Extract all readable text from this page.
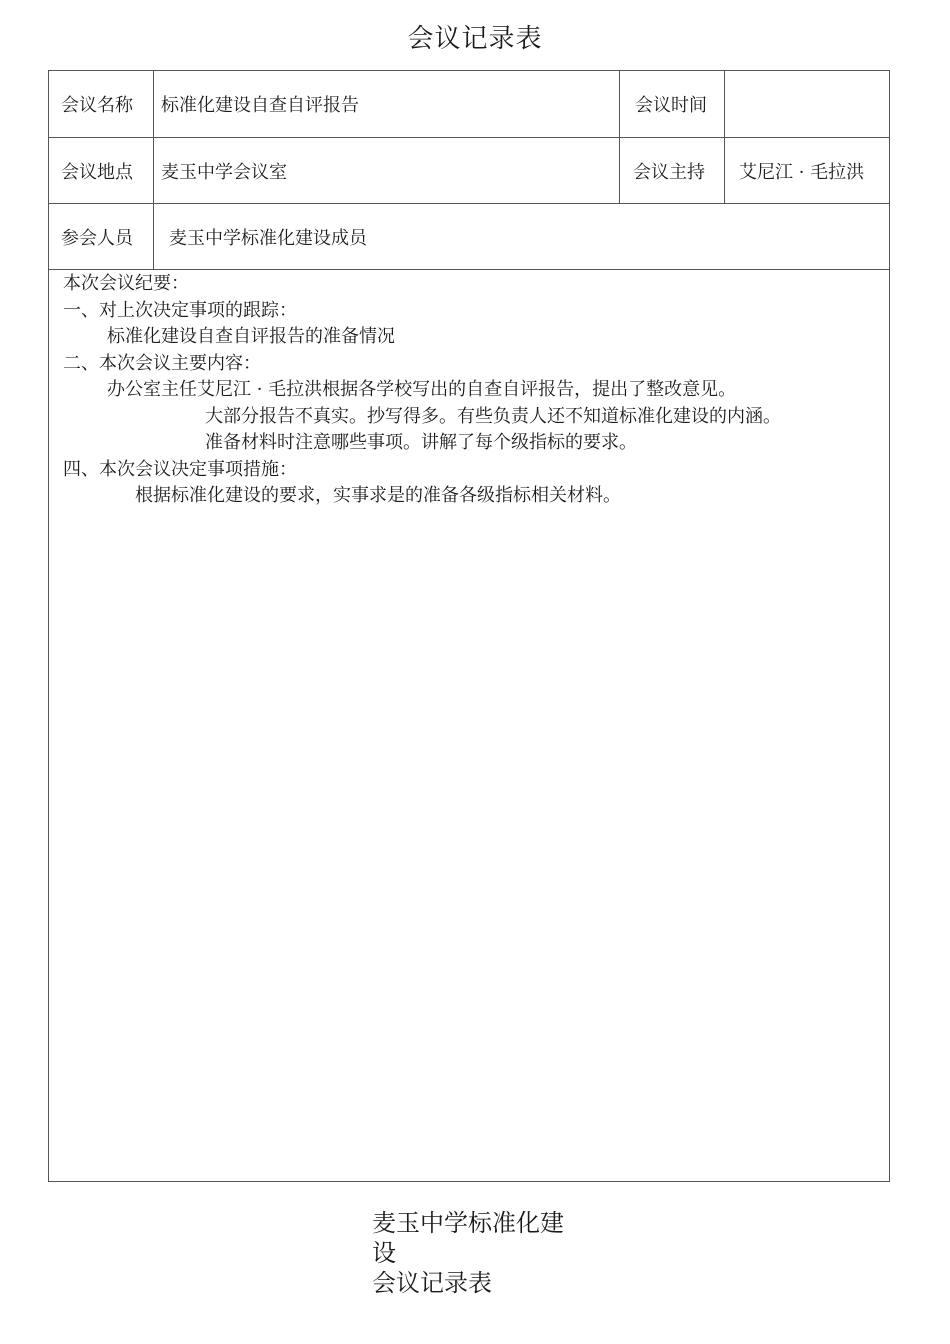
会议记录表
会议名称 标准化建设自查自评报告	会议时间
会议地点 麦玉中学会议室	会议主持 艾尼江 · 毛拉洪
参会人员 麦玉中学标准化建设成员
本次会议纪要：
一、对上次决定事项的跟踪：
标准化建设自查自评报告的准备情况
二、本次会议主要内容：
办公室主任艾尼江 · 毛拉洪根据各学校写出的自查自评报告，提出了整改意见。
大部分报告不真实。抄写得多。有些负责人还不知道标准化建设的内涵。
准备材料时注意哪些事项。讲解了每个级指标的要求。
四、本次会议决定事项措施：
根据标准化建设的要求，实事求是的准备各级指标相关材料。
麦玉中学标准化建
设
会议记录表
